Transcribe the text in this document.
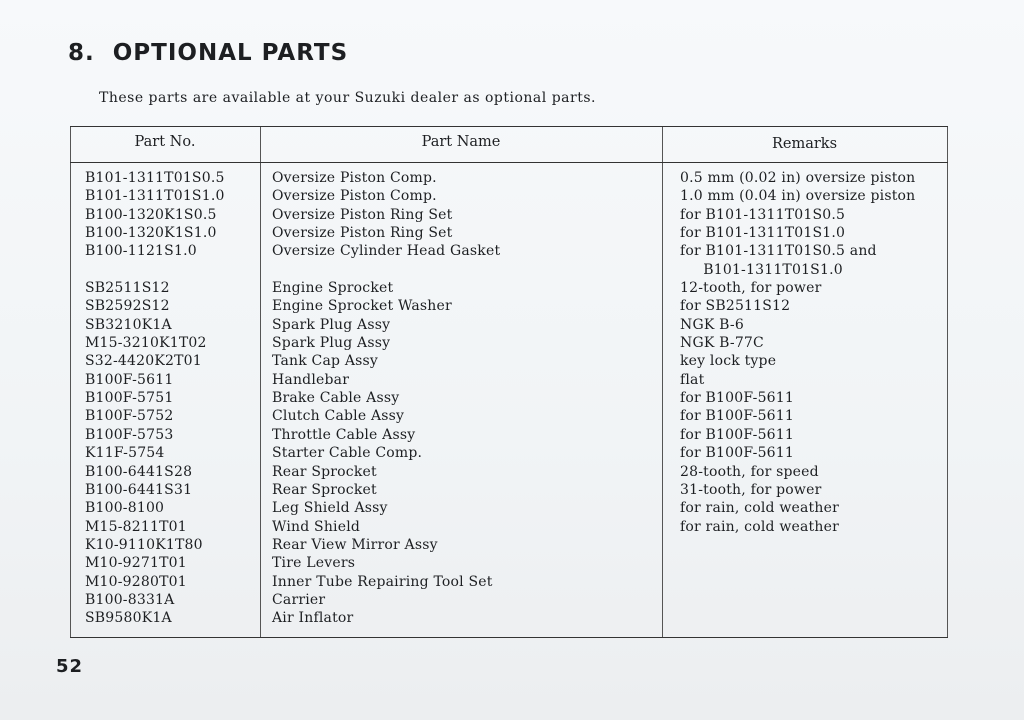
8. OPTIONAL PARTS

These parts are available at your Suzuki dealer as optional parts.

Part No.	Part Name	Remarks
B101-1311T01S0.5
B101-1311T01S1.0
B100-1320K1S0.5
B100-1320K1S1.0
B100-1121S1.0
SB2511S12
SB2592S12
SB3210K1A
M15-3210K1T02
S32-4420K2T01
B100F-5611
B100F-5751
B100F-5752
B100F-5753
K11F-5754
B100-6441S28
B100-6441S31
B100-8100
M15-8211T01
K10-9110K1T80
M10-9271T01
M10-9280T01
B100-8331A
SB9580K1A
Oversize Piston Comp.
Oversize Piston Comp.
Oversize Piston Ring Set
Oversize Piston Ring Set
Oversize Cylinder Head Gasket
Engine Sprocket
Engine Sprocket Washer
Spark Plug Assy
Spark Plug Assy
Tank Cap Assy
Handlebar
Brake Cable Assy
Clutch Cable Assy
Throttle Cable Assy
Starter Cable Comp.
Rear Sprocket
Rear Sprocket
Leg Shield Assy
Wind Shield
Rear View Mirror Assy
Tire Levers
Inner Tube Repairing Tool Set
Carrier
Air Inflator
0.5 mm (0.02 in) oversize piston
1.0 mm (0.04 in) oversize piston
for B101-1311T01S0.5
for B101-1311T01S1.0
for B101-1311T01S0.5 and
B101-1311T01S1.0
12-tooth, for power
for SB2511S12
NGK B-6
NGK B-77C
key lock type
flat
for B100F-5611
for B100F-5611
for B100F-5611
for B100F-5611
28-tooth, for speed
31-tooth, for power
for rain, cold weather
for rain, cold weather
52
